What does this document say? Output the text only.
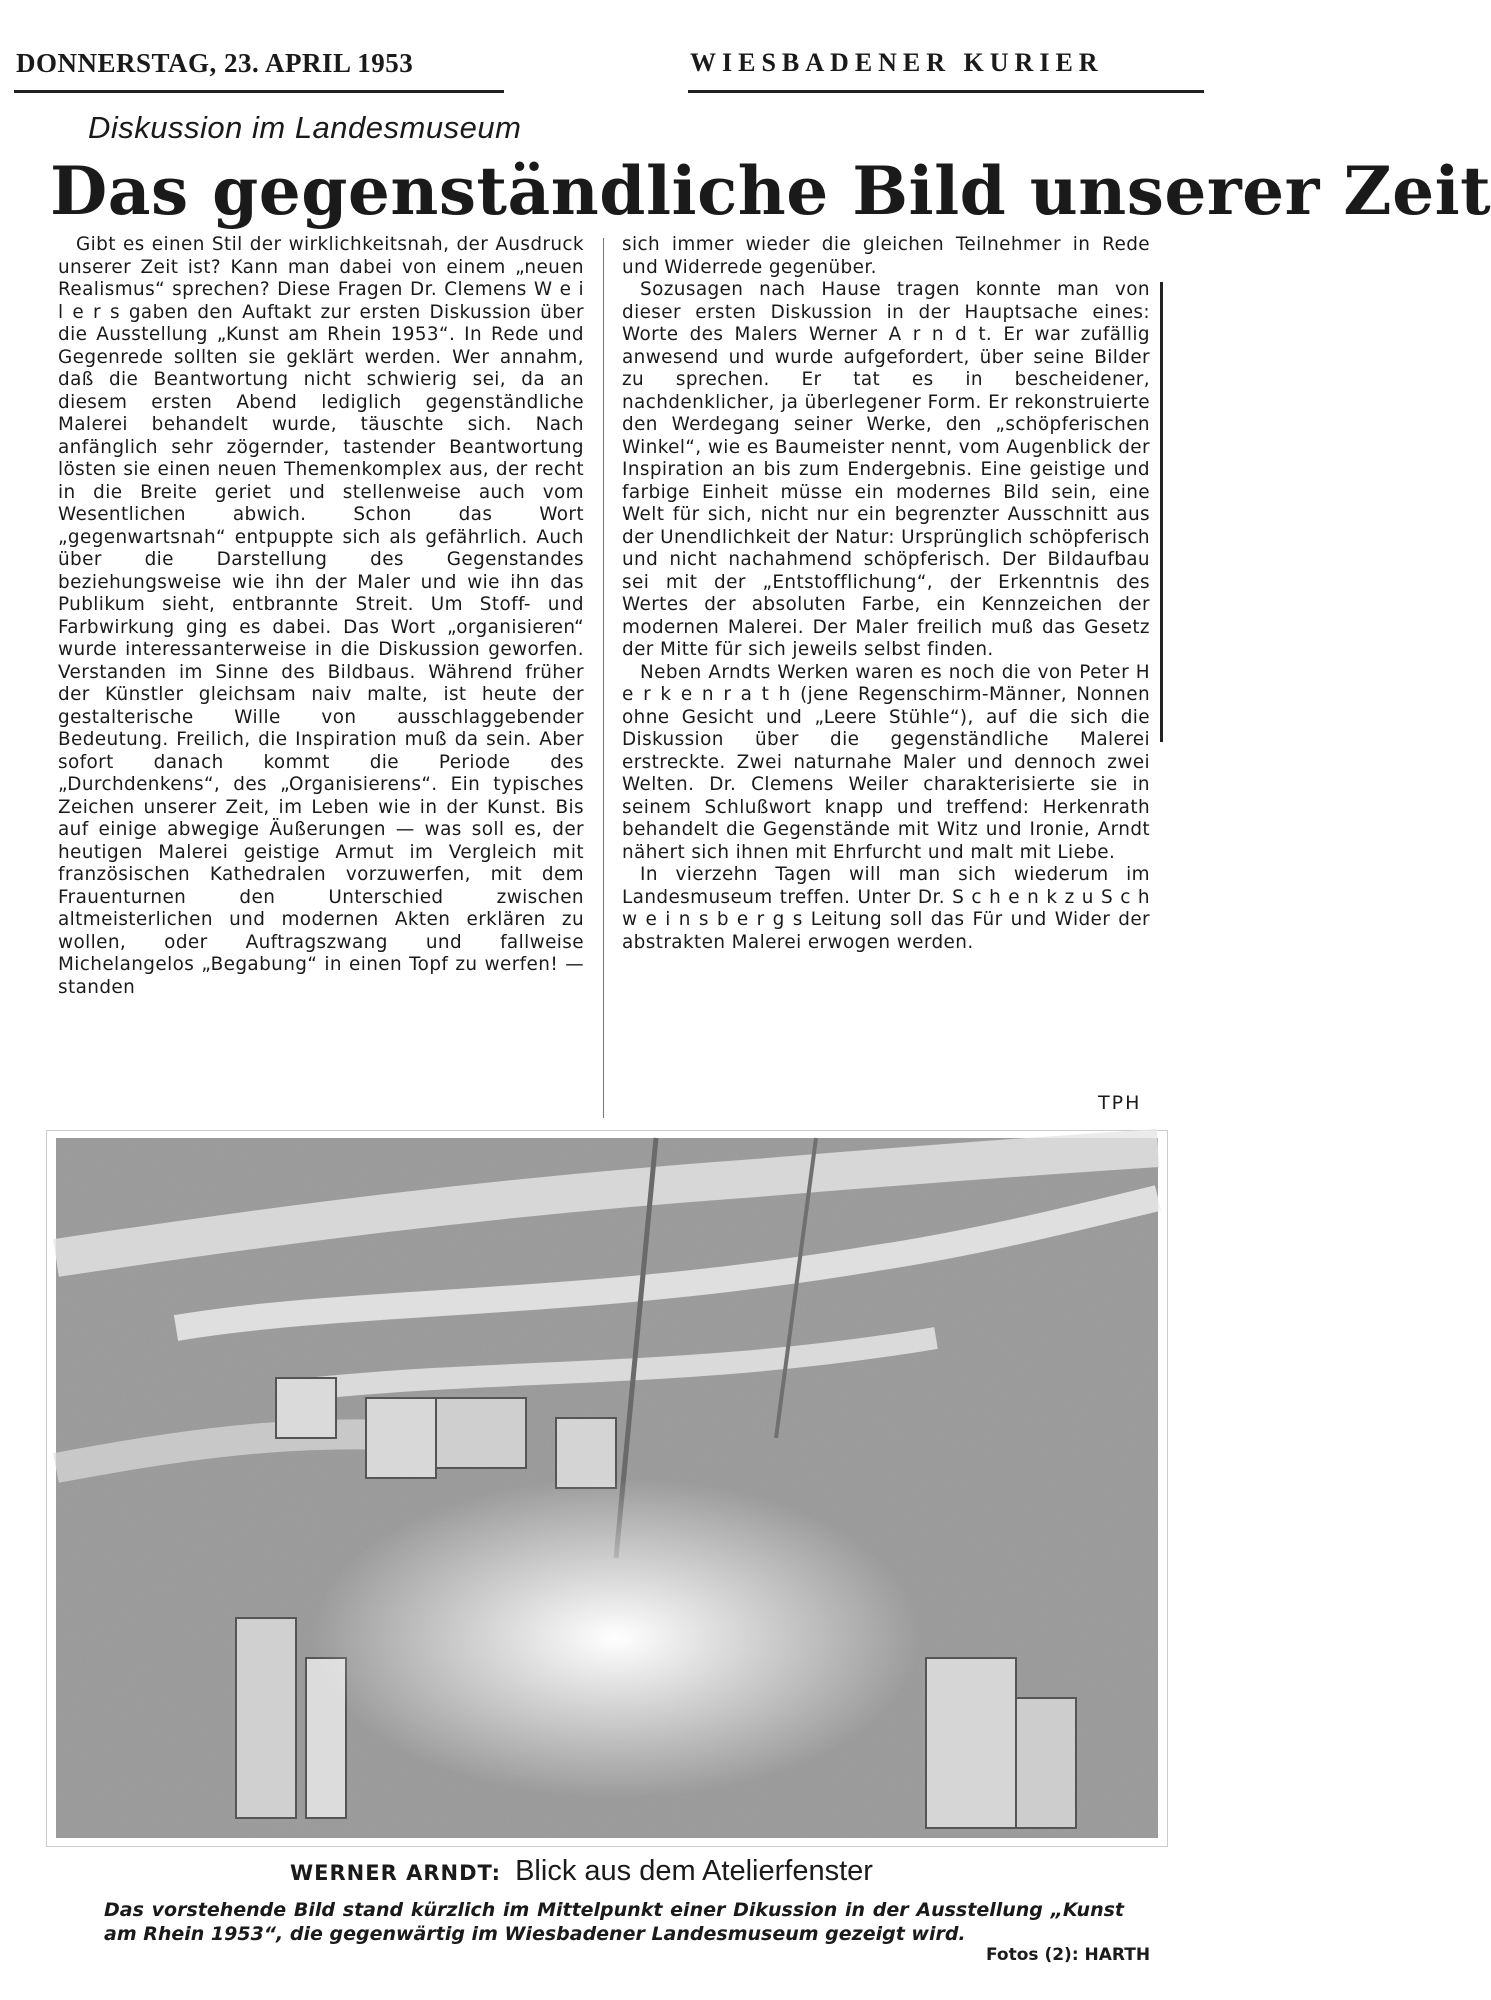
DONNERSTAG, 23. APRIL 1953	WIESBADENER KURIER
Diskussion im Landesmuseum
Das gegenständliche Bild unserer Zeit

Gibt es einen Stil der wirklichkeitsnah, der Ausdruck unserer Zeit ist? Kann man dabei von einem „neuen Realismus“ sprechen? Diese Fragen Dr. Clemens W e i l e r s gaben den Auftakt zur ersten Diskussion über die Ausstellung „Kunst am Rhein 1953“. In Rede und Gegenrede sollten sie geklärt werden. Wer annahm, daß die Beantwortung nicht schwierig sei, da an diesem ersten Abend lediglich gegenständliche Malerei behandelt wurde, täuschte sich. Nach anfänglich sehr zögernder, tastender Beantwortung lösten sie einen neuen Themenkomplex aus, der recht in die Breite geriet und stellenweise auch vom Wesentlichen abwich. Schon das Wort „gegenwartsnah“ entpuppte sich als gefährlich. Auch über die Darstellung des Gegenstandes beziehungsweise wie ihn der Maler und wie ihn das Publikum sieht, entbrannte Streit. Um Stoff- und Farbwirkung ging es dabei. Das Wort „organisieren“ wurde interessanterweise in die Diskussion geworfen. Verstanden im Sinne des Bildbaus. Während früher der Künstler gleichsam naiv malte, ist heute der gestalterische Wille von ausschlaggebender Bedeutung. Freilich, die Inspiration muß da sein. Aber sofort danach kommt die Periode des „Durchdenkens“, des „Organisierens“. Ein typisches Zeichen unserer Zeit, im Leben wie in der Kunst. Bis auf einige abwegige Äußerungen — was soll es, der heutigen Malerei geistige Armut im Vergleich mit französischen Kathedralen vorzuwerfen, mit dem Frauenturnen den Unterschied zwischen altmeisterlichen und modernen Akten erklären zu wollen, oder Auftragszwang und fallweise Michelangelos „Begabung“ in einen Topf zu werfen! — standen

sich immer wieder die gleichen Teilnehmer in Rede und Widerrede gegenüber.

Sozusagen nach Hause tragen konnte man von dieser ersten Diskussion in der Hauptsache eines: Worte des Malers Werner A r n d t. Er war zufällig anwesend und wurde aufgefordert, über seine Bilder zu sprechen. Er tat es in bescheidener, nachdenklicher, ja überlegener Form. Er rekonstruierte den Werdegang seiner Werke, den „schöpferischen Winkel“, wie es Baumeister nennt, vom Augenblick der Inspiration an bis zum Endergebnis. Eine geistige und farbige Einheit müsse ein modernes Bild sein, eine Welt für sich, nicht nur ein begrenzter Ausschnitt aus der Unendlichkeit der Natur: Ursprünglich schöpferisch und nicht nachahmend schöpferisch. Der Bildaufbau sei mit der „Entstofflichung“, der Erkenntnis des Wertes der absoluten Farbe, ein Kennzeichen der modernen Malerei. Der Maler freilich muß das Gesetz der Mitte für sich jeweils selbst finden.

Neben Arndts Werken waren es noch die von Peter H e r k e n r a t h (jene Regenschirm-Männer, Nonnen ohne Gesicht und „Leere Stühle“), auf die sich die Diskussion über die gegenständliche Malerei erstreckte. Zwei naturnahe Maler und dennoch zwei Welten. Dr. Clemens Weiler charakterisierte sie in seinem Schlußwort knapp und treffend: Herkenrath behandelt die Gegenstände mit Witz und Ironie, Arndt nähert sich ihnen mit Ehrfurcht und malt mit Liebe.

In vierzehn Tagen will man sich wiederum im Landesmuseum treffen. Unter Dr. S c h e n k z u S c h w e i n s b e r g s Leitung soll das Für und Wider der abstrakten Malerei erwogen werden.

TPH
WERNER ARNDT: Blick aus dem Atelierfenster
Das vorstehende Bild stand kürzlich im Mittelpunkt einer Dikussion in der Ausstellung „Kunst am Rhein 1953“, die gegenwärtig im Wiesbadener Landesmuseum gezeigt wird.
Fotos (2): HARTH
